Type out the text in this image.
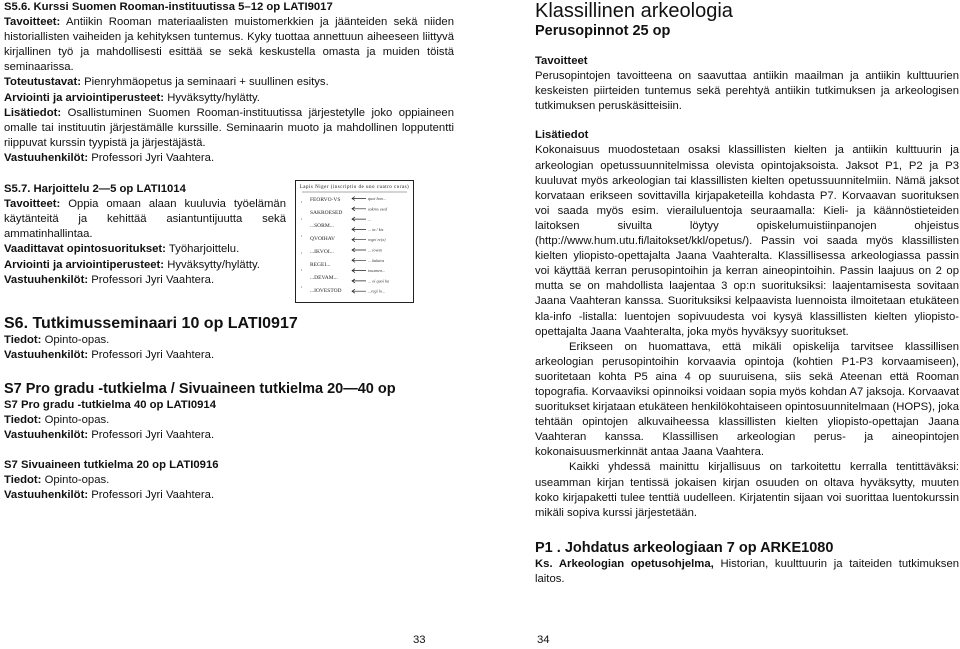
S5.6. Kurssi Suomen Rooman-instituutissa 5–12 op LATI9017
Tavoitteet: Antiikin Rooman materiaalisten muistomerkkien ja jäänteiden sekä niiden historiallisten vaiheiden ja kehityksen tuntemus. Kyky tuottaa annettuun aiheeseen liittyvä kirjallinen työ ja mahdollisesti esittää se sekä keskustella omasta ja muiden töistä seminaarissa.
Toteutustavat: Pienryhmäopetus ja seminaari + suullinen esitys.
Arviointi ja arviointiperusteet: Hyväksytty/hylätty.
Lisätiedot: Osallistuminen Suomen Rooman-instituutissa järjestetylle joko oppiaineen omalle tai instituutin järjestämälle kurssille. Seminaarin muoto ja mahdollinen lopputentti riippuvat kurssin tyypistä ja järjestäjästä.
Vastuuhenkilöt: Professori Jyri Vaahtera.
S5.7. Harjoittelu 2—5 op LATI1014
Tavoitteet: Oppia omaan alaan kuuluvia työelämän käytänteitä ja kehittää asiantuntijuutta sekä ammatinhallintaa.
Vaadittavat opintosuoritukset: Työharjoittelu.
Arviointi ja arviointiperusteet: Hyväksytty/hylätty.
Vastuuhenkilöt: Professori Jyri Vaahtera.
S6. Tutkimusseminaari 10 op LATI0917
Tiedot: Opinto-opas.
Vastuuhenkilöt: Professori Jyri Vaahtera.
S7 Pro gradu -tutkielma / Sivuaineen tutkielma 20—40 op
S7 Pro gradu -tutkielma 40 op LATI0914
Tiedot: Opinto-opas.
Vastuuhenkilöt: Professori Jyri Vaahtera.
S7 Sivuaineen tutkielma 20 op LATI0916
Tiedot: Opinto-opas.
Vastuuhenkilöt: Professori Jyri Vaahtera.
Lapis Niger (inscriptio de uno cuatro coras)
FEORVO·VS
SAKROESED
...SORM...
QVOIHAV
...IKVOI...
REGEI...
...DEVAM...
...IOVESTOD
quoi hon...
sakros esed
...
... ia / kis
regei rc(x)
... iovem
... kalatos
iouxmen...
... oi quoi ha
...regi lo...
•
•
•
•
•
•
33
Klassillinen arkeologia
Perusopinnot 25 op
Tavoitteet
Perusopintojen tavoitteena on saavuttaa antiikin maailman ja antiikin kulttuurien keskeisten piirteiden tuntemus sekä perehtyä antiikin tutkimuksen ja arkeologisen tutkimuksen peruskäsitteisiin.
Lisätiedot
Kokonaisuus muodostetaan osaksi klassillisten kielten ja antiikin kulttuurin ja arkeologian opetussuunnitelmissa olevista opintojaksoista. Jaksot P1, P2 ja P3 kuuluvat myös arkeologian tai klassillisten kielten opetussuunnitelmiin. Nämä jaksot korvataan erikseen sovittavilla kirjapaketeilla kohdasta P7. Korvaavan suorituksen voi saada myös esim. vierailuluentoja seuraamalla: Kieli- ja käännöstieteiden laitoksen sivuilta löytyy opiskelumuistiinpanojen ohjeistus (http://www.hum.utu.fi/laitokset/kkl/opetus/). Passin voi saada myös klassillisten kielten yliopisto-opettajalta Jaana Vaahteralta. Klassillisessa arkeologiassa passin voi käyttää kerran perusopintoihin ja kerran aineopintoihin. Passin laajuus on 2 op mutta se on mahdollista laajentaa 3 op:n suorituksiksi: laajentamisesta sovitaan Jaana Vaahteran kanssa. Suorituksiksi kelpaavista luennoista ilmoitetaan etukäteen kla-info -listalla: luentojen sopivuudesta voi kysyä klassillisten kielten yliopisto-opettajalta Jaana Vaahteralta, joka myös hyväksyy suoritukset.
Erikseen on huomattava, että mikäli opiskelija tarvitsee klassillisen arkeologian perusopintoihin korvaavia opintoja (kohtien P1-P3 korvaamiseen), suoritetaan kohta P5 aina 4 op suuruisena, siis sekä Ateenan että Rooman topografia. Korvaaviksi opinnoiksi voidaan sopia myös kohdan A7 jaksoja. Korvaavat suoritukset kirjataan etukäteen henkilökohtaiseen opintosuunnitelmaan (HOPS), joka tehtään opintojen alkuvaiheessa klassillisten kielten yliopisto-opettajan Jaana Vaahteran kanssa. Klassillisen arkeologian perus- ja aineopintojen kokonaisuusmerkinnät antaa Jaana Vaahtera.
Kaikki yhdessä mainittu kirjallisuus on tarkoitettu kerralla tentittäväksi: useamman kirjan tentissä jokaisen kirjan osuuden on oltava hyväksytty, muuten koko kirjapaketti tulee tenttiä uudelleen. Kirjatentin sijaan voi suorittaa luentokurssin mikäli sopiva kurssi järjestetään.
P1 . Johdatus arkeologiaan 7 op ARKE1080
Ks. Arkeologian opetusohjelma, Historian, kuulttuurin ja taiteiden tutkimuksen laitos.
34
